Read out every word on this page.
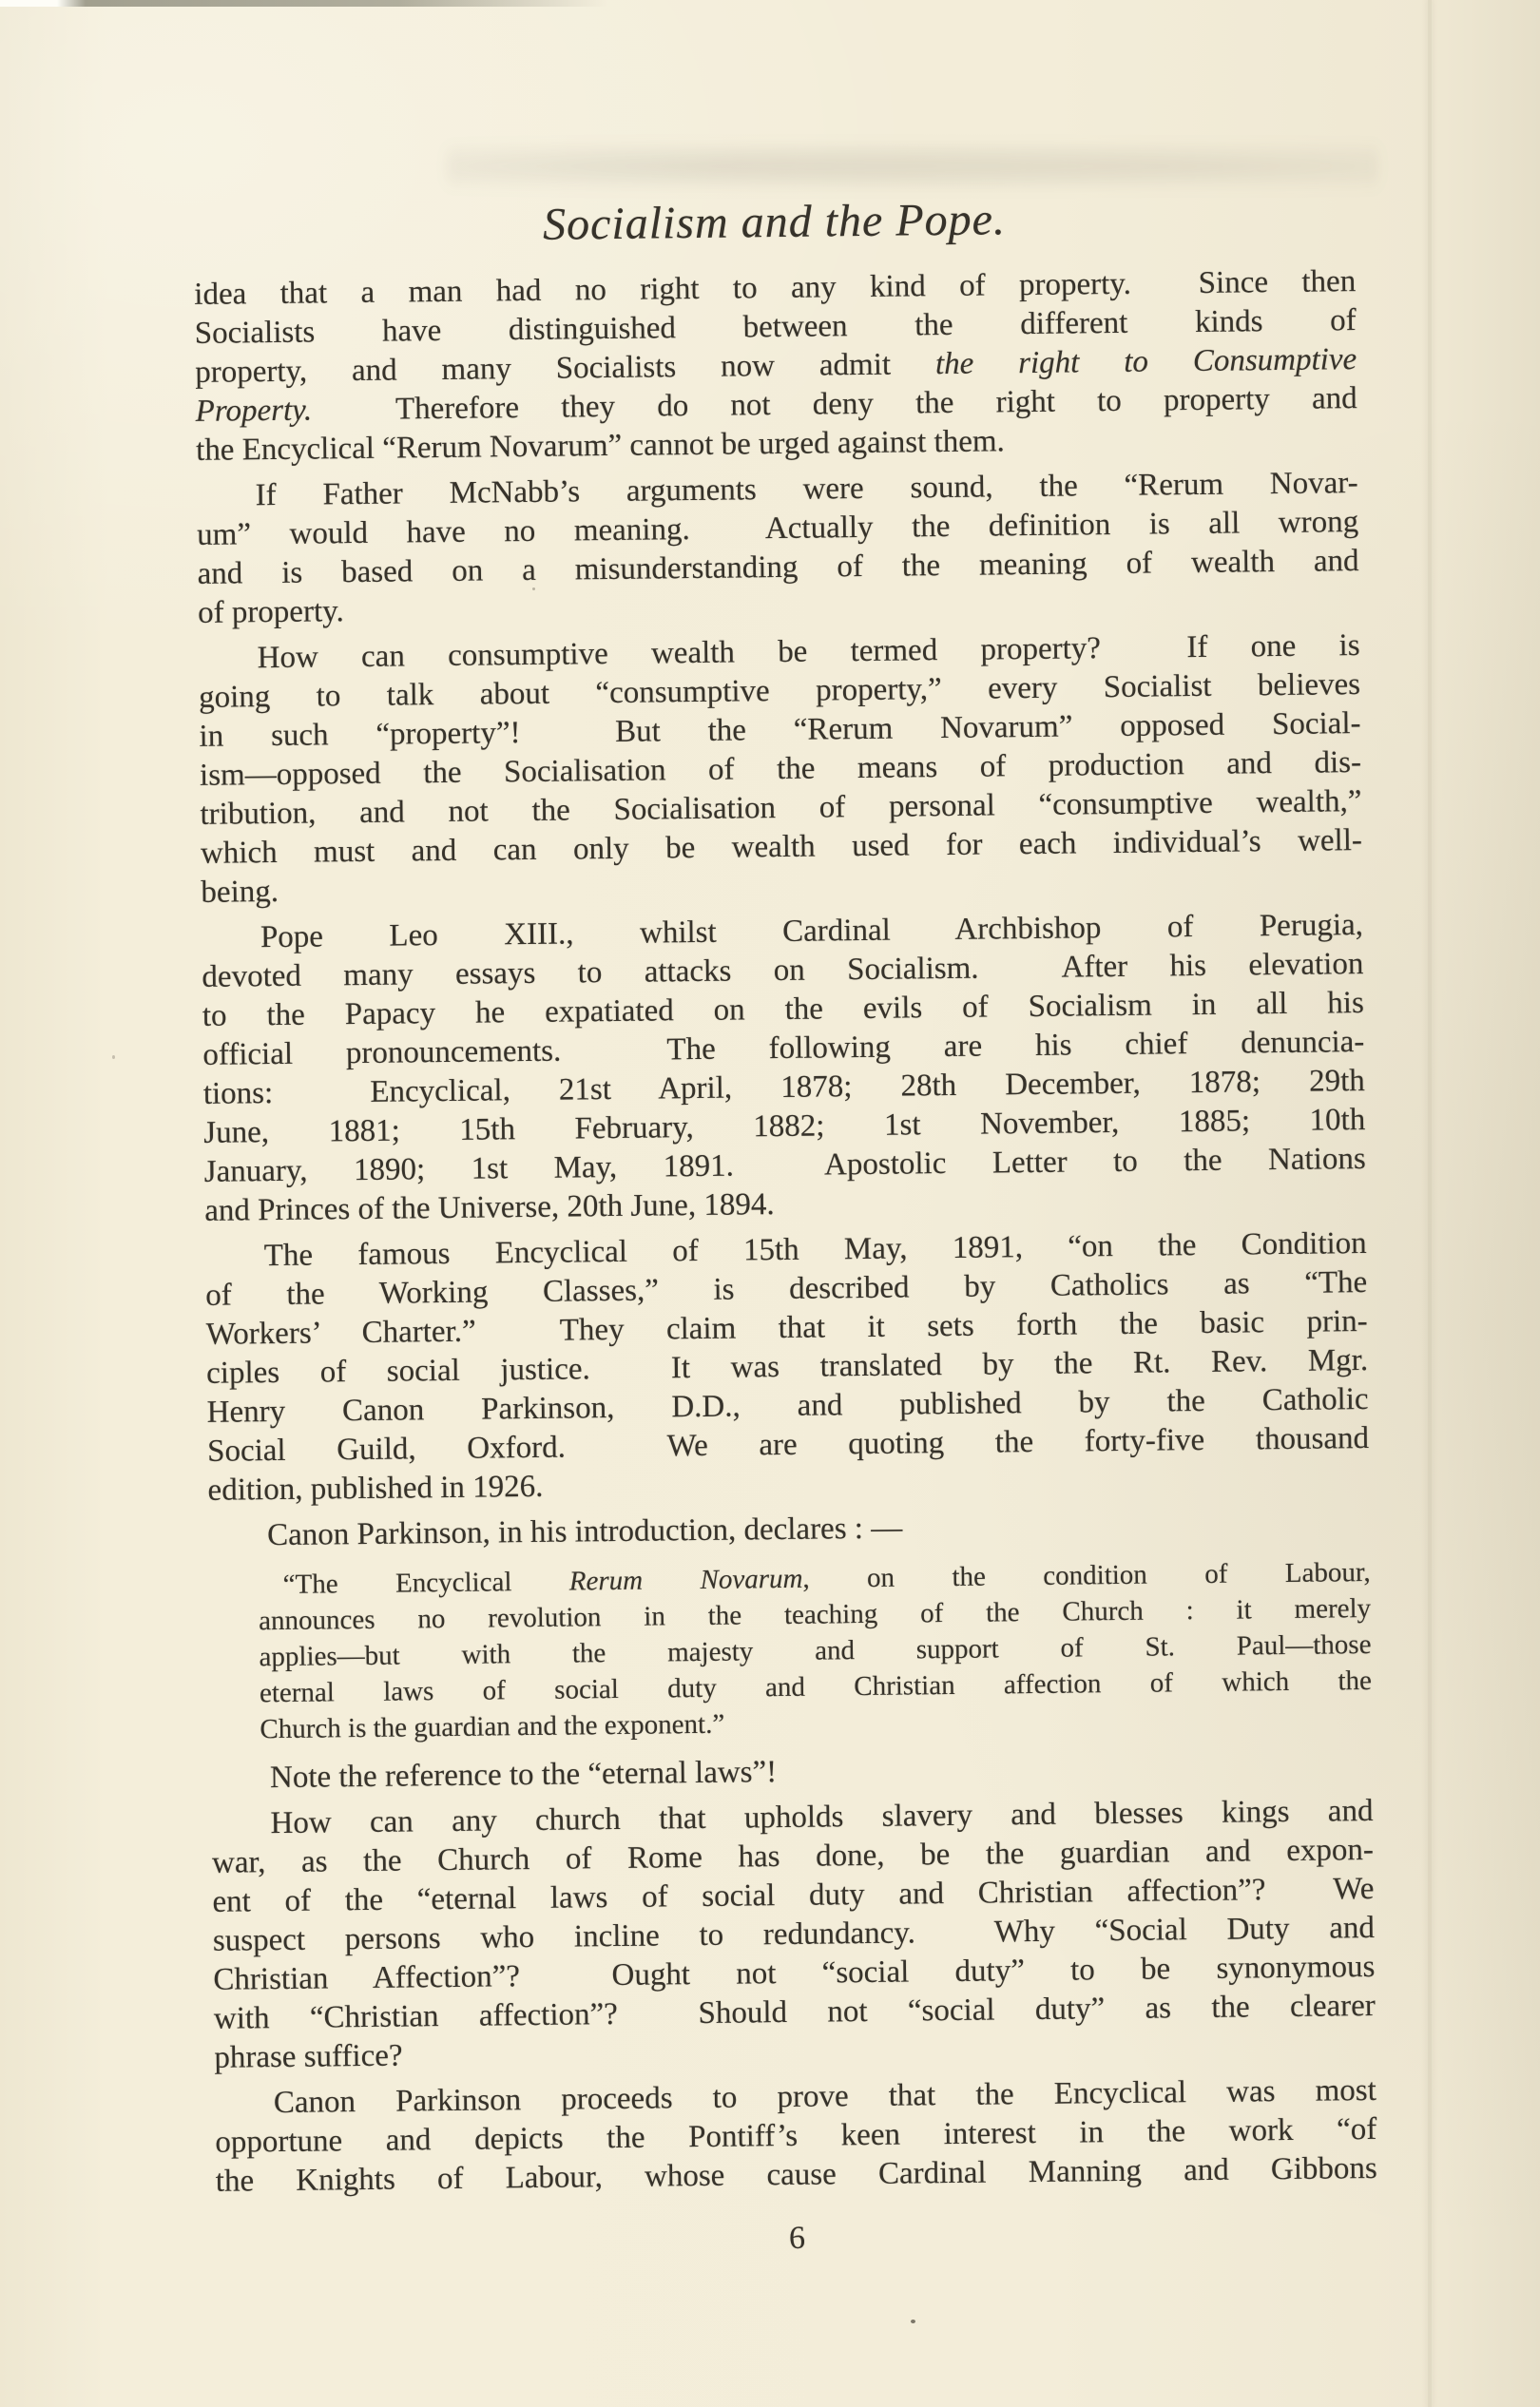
Socialism and the Pope.
idea that a man had no right to any kind of property.  Since then
Socialists have distinguished between the different kinds of
property, and many Socialists now admit the right to Consumptive
Property.  Therefore they do not deny the right to property and
the Encyclical “Rerum Novarum” cannot be urged against them.
If Father McNabb’s arguments were sound, the “Rerum Novar-
um” would have no meaning.  Actually the definition is all wrong
and is based on a misunderstanding of the meaning of wealth and
of property.
How can consumptive wealth be termed property?  If one is
going to talk about “consumptive property,” every Socialist believes
in such “property”!  But the “Rerum Novarum” opposed Social-
ism—opposed the Socialisation of the means of production and dis-
tribution, and not the Socialisation of personal “consumptive wealth,”
which must and can only be wealth used for each individual’s well-
being.
Pope Leo XIII., whilst Cardinal Archbishop of Perugia,
devoted many essays to attacks on Socialism.  After his elevation
to the Papacy he expatiated on the evils of Socialism in all his
official pronouncements.  The following are his chief denuncia-
tions:  Encyclical, 21st April, 1878; 28th December, 1878; 29th
June, 1881; 15th February, 1882; 1st November, 1885; 10th
January, 1890; 1st May, 1891.  Apostolic Letter to the Nations
and Princes of the Universe, 20th June, 1894.
The famous Encyclical of 15th May, 1891, “on the Condition
of the Working Classes,” is described by Catholics as “The
Workers’ Charter.”  They claim that it sets forth the basic prin-
ciples of social justice.  It was translated by the Rt. Rev. Mgr.
Henry Canon Parkinson, D.D., and published by the Catholic
Social Guild, Oxford.  We are quoting the forty-five thousand
edition, published in 1926.
Canon Parkinson, in his introduction, declares : —
“The Encyclical Rerum Novarum, on the condition of Labour,
announces no revolution in the teaching of the Church : it merely
applies—but with the majesty and support of St. Paul—those
eternal laws of social duty and Christian affection of which the
Church is the guardian and the exponent.”
Note the reference to the “eternal laws”!
How can any church that upholds slavery and blesses kings and
war, as the Church of Rome has done, be the guardian and expon-
ent of the “eternal laws of social duty and Christian affection”?  We
suspect persons who incline to redundancy.  Why “Social Duty and
Christian Affection”?  Ought not “social duty” to be synonymous
with “Christian affection”?  Should not “social duty” as the clearer
phrase suffice?
Canon Parkinson proceeds to prove that the Encyclical was most
opportune and depicts the Pontiff’s keen interest in the work “of
the Knights of Labour, whose cause Cardinal Manning and Gibbons
6
